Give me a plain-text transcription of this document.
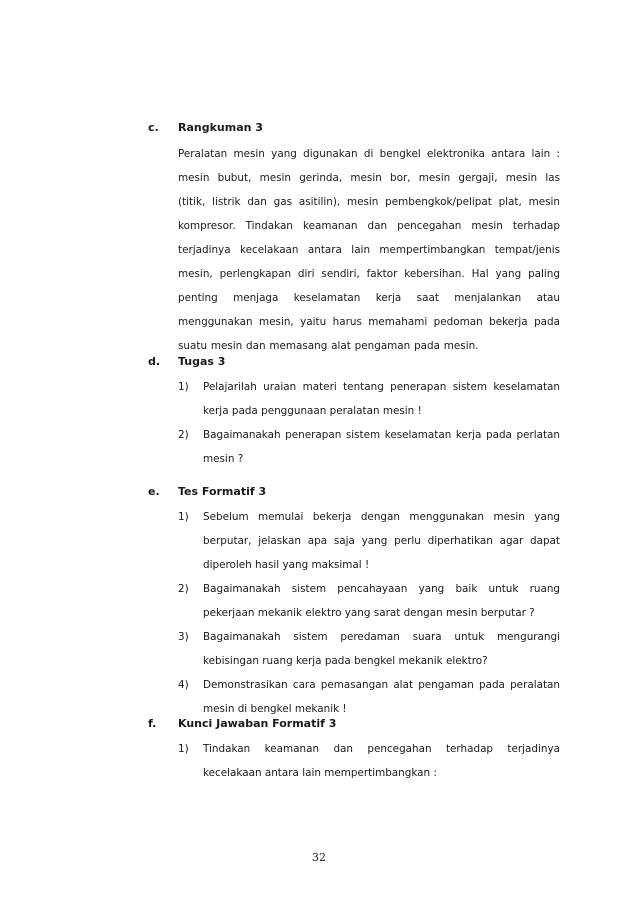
c. Rangkuman 3
Peralatan mesin yang digunakan di bengkel elektronika antara lain :
mesin bubut, mesin gerinda, mesin bor, mesin gergaji, mesin las
(titik, listrik dan gas asitilin), mesin pembengkok/pelipat plat, mesin
kompresor. Tindakan keamanan dan pencegahan mesin terhadap
terjadinya kecelakaan antara lain mempertimbangkan tempat/jenis
mesin, perlengkapan diri sendiri, faktor kebersihan. Hal yang paling
penting menjaga keselamatan kerja saat menjalankan atau
menggunakan mesin, yaitu harus memahami pedoman bekerja pada
suatu mesin dan memasang alat pengaman pada mesin.
d. Tugas 3
1) Pelajarilah uraian materi tentang penerapan sistem keselamatan
kerja pada penggunaan peralatan mesin !
2) Bagaimanakah penerapan sistem keselamatan kerja pada perlatan
mesin ?
e. Tes Formatif 3
1) Sebelum memulai bekerja dengan menggunakan mesin yang
berputar, jelaskan apa saja yang perlu diperhatikan agar dapat
diperoleh hasil yang maksimal !
2) Bagaimanakah sistem pencahayaan yang baik untuk ruang
pekerjaan mekanik elektro yang sarat dengan mesin berputar ?
3) Bagaimanakah sistem peredaman suara untuk mengurangi
kebisingan ruang kerja pada bengkel mekanik elektro?
4) Demonstrasikan cara pemasangan alat pengaman pada peralatan
mesin di bengkel mekanik !
f. Kunci Jawaban Formatif 3
1) Tindakan keamanan dan pencegahan terhadap terjadinya
kecelakaan antara lain mempertimbangkan :
32
